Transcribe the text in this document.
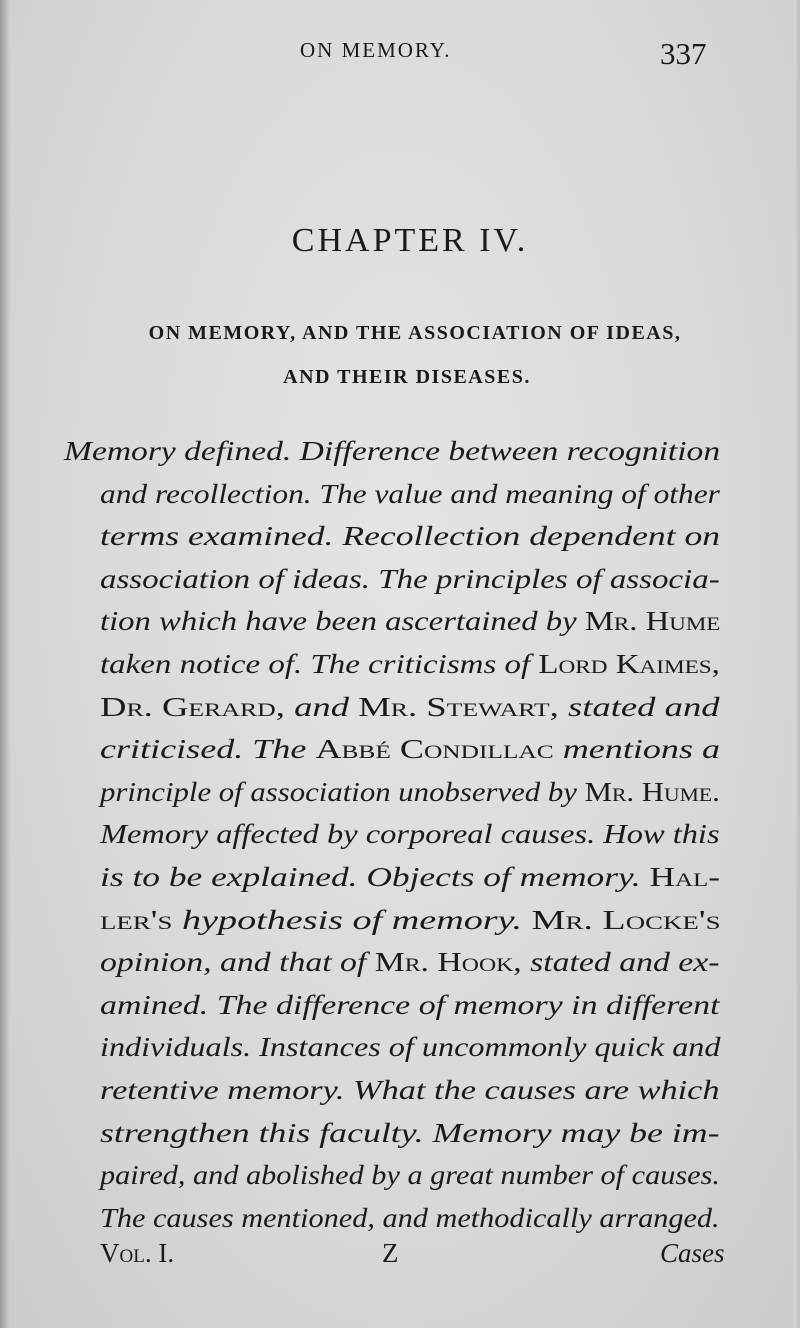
ON MEMORY.	337
CHAPTER IV.
ON MEMORY, AND THE ASSOCIATION OF IDEAS,
AND THEIR DISEASES.
Memory defined. Difference between recognition
and recollection. The value and meaning of other
terms examined. Recollection dependent on
association of ideas. The principles of associa-
tion which have been ascertained by Mr. Hume
taken notice of. The criticisms of Lord Kaimes,
Dr. Gerard, and Mr. Stewart, stated and
criticised. The Abbé Condillac mentions a
principle of association unobserved by Mr. Hume.
Memory affected by corporeal causes. How this
is to be explained. Objects of memory. Hal-
ler's hypothesis of memory. Mr. Locke's
opinion, and that of Mr. Hook, stated and ex-
amined. The difference of memory in different
individuals. Instances of uncommonly quick and
retentive memory. What the causes are which
strengthen this faculty. Memory may be im-
paired, and abolished by a great number of causes.
The causes mentioned, and methodically arranged.
Vol. I.	Z	Cases
